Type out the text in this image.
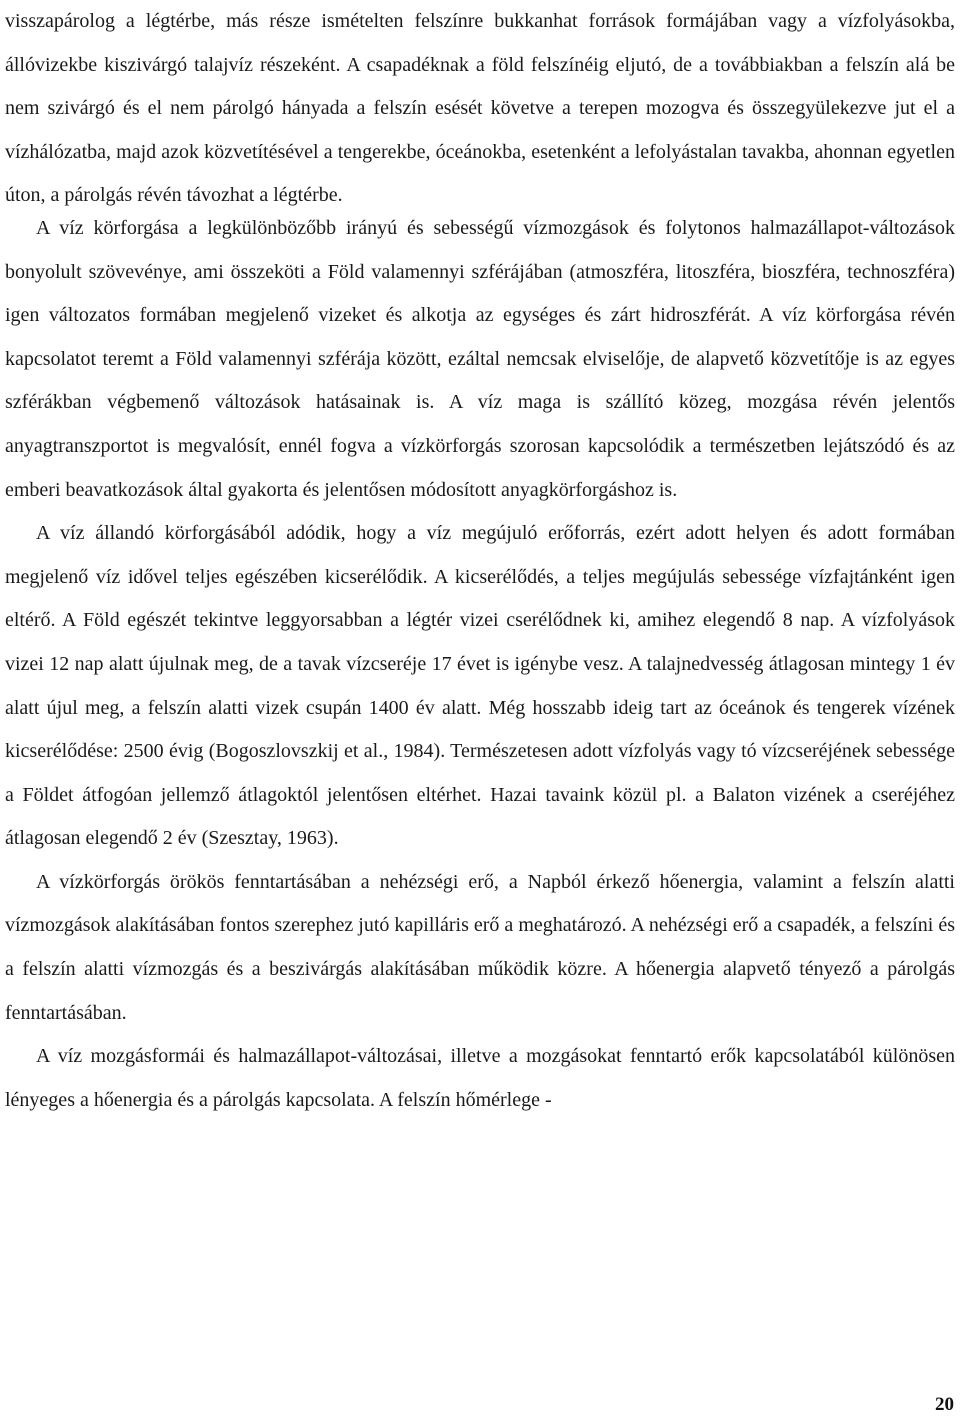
visszapárolog a légtérbe, más része ismételten felszínre bukkanhat források formájában vagy a vízfolyásokba, állóvizekbe kiszivárgó talajvíz részeként. A csapadéknak a föld felszínéig eljutó, de a továbbiakban a felszín alá be nem szivárgó és el nem párolgó hányada a felszín esését követve a terepen mozogva és összegyülekezve jut el a vízhálózatba, majd azok közvetítésével a tengerekbe, óceánokba, esetenként a lefolyástalan tavakba, ahonnan egyetlen úton, a párolgás révén távozhat a légtérbe.

A víz körforgása a legkülönbözőbb irányú és sebességű vízmozgások és folytonos halmazállapot-változások bonyolult szövevénye, ami összeköti a Föld valamennyi szférájában (atmoszféra, litoszféra, bioszféra, technoszféra) igen változatos formában megjelenő vizeket és alkotja az egységes és zárt hidroszférát. A víz körforgása révén kapcsolatot teremt a Föld valamennyi szférája között, ezáltal nemcsak elviselője, de alapvető közvetítője is az egyes szférákban végbemenő változások hatásainak is. A víz maga is szállító közeg, mozgása révén jelentős anyagtranszportot is megvalósít, ennél fogva a vízkörforgás szorosan kapcsolódik a természetben lejátszódó és az emberi beavatkozások által gyakorta és jelentősen módosított anyagkörforgáshoz is.

A víz állandó körforgásából adódik, hogy a víz megújuló erőforrás, ezért adott helyen és adott formában megjelenő víz idővel teljes egészében kicserélődik. A kicserélődés, a teljes megújulás sebessége vízfajtánként igen eltérő. A Föld egészét tekintve leggyorsabban a légtér vizei cserélődnek ki, amihez elegendő 8 nap. A vízfolyások vizei 12 nap alatt újulnak meg, de a tavak vízcseréje 17 évet is igénybe vesz. A talajnedvesség átlagosan mintegy 1 év alatt újul meg, a felszín alatti vizek csupán 1400 év alatt. Még hosszabb ideig tart az óceánok és tengerek vízének kicserélődése: 2500 évig (Bogoszlovszkij et al., 1984). Természetesen adott vízfolyás vagy tó vízcseréjének sebessége a Földet átfogóan jellemző átlagoktól jelentősen eltérhet. Hazai tavaink közül pl. a Balaton vizének a cseréjéhez átlagosan elegendő 2 év (Szesztay, 1963).

A vízkörforgás örökös fenntartásában a nehézségi erő, a Napból érkező hőenergia, valamint a felszín alatti vízmozgások alakításában fontos szerephez jutó kapilláris erő a meghatározó. A nehézségi erő a csapadék, a felszíni és a felszín alatti vízmozgás és a beszivárgás alakításában működik közre. A hőenergia alapvető tényező a párolgás fenntartásában.

A víz mozgásformái és halmazállapot-változásai, illetve a mozgásokat fenntartó erők kapcsolatából különösen lényeges a hőenergia és a párolgás kapcsolata. A felszín hőmérlege -

20
